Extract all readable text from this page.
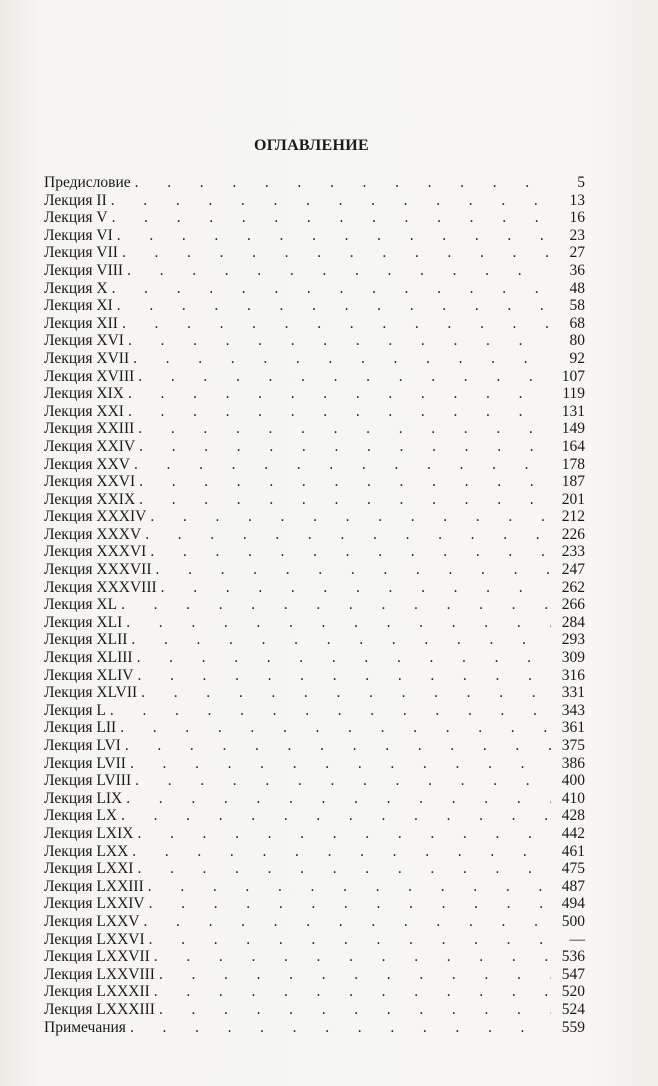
ОГЛАВЛЕНИЕ
Предисловие . . .	5
Лекция II . . .	13
Лекция V . . .	16
Лекция VI . . .	23
Лекция VII . . .	27
Лекция VIII . . .	36
Лекция X . . .	48
Лекция XI . . .	58
Лекция XII . . .	68
Лекция XVI . . .	80
Лекция XVII . . .	92
Лекция XVIII . . .	107
Лекция XIX . . .	119
Лекция XXI . . .	131
Лекция XXIII . . .	149
Лекция XXIV . . .	164
Лекция XXV . . .	178
Лекция XXVI . . .	187
Лекция XXIX . . .	201
Лекция XXXIV . . .	212
Лекция XXXV . . .	226
Лекция XXXVI . . .	233
Лекция XXXVII . . .	247
Лекция XXXVIII . . .	262
Лекция XL . . .	266
Лекция XLI . . .	284
Лекция XLII . . .	293
Лекция XLIII . . .	309
Лекция XLIV . . .	316
Лекция XLVII . . .	331
Лекция L . . .	343
Лекция LII . . .	361
Лекция LVI . . .	375
Лекция LVII . . .	386
Лекция LVIII . . .	400
Лекция LIX . . .	410
Лекция LX . . .	428
Лекция LXIX . . .	442
Лекция LXX . . .	461
Лекция LXXI . . .	475
Лекция LXXIII . . .	487
Лекция LXXIV . . .	494
Лекция LXXV . . .	500
Лекция LXXVI . . .	—
Лекция LXXVII . . .	536
Лекция LXXVIII . . .	547
Лекция LXXXII . . .	520
Лекция LXXXIII . . .	524
Примечания . . .	559
